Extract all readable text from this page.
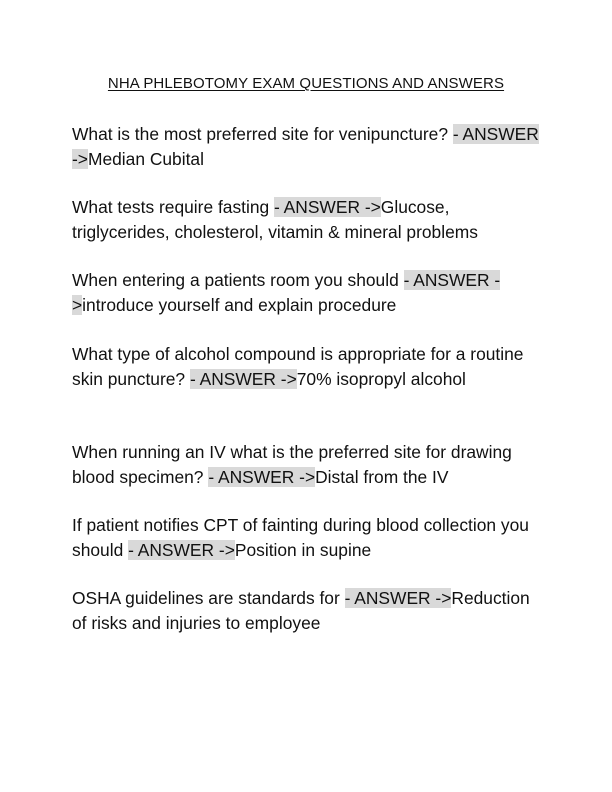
NHA PHLEBOTOMY EXAM QUESTIONS AND ANSWERS
What is the most preferred site for venipuncture? - ANSWER ->Median Cubital
What tests require fasting - ANSWER ->Glucose, triglycerides, cholesterol, vitamin & mineral problems
When entering a patients room you should - ANSWER ->introduce yourself and explain procedure
What type of alcohol compound is appropriate for a routine skin puncture? - ANSWER ->70% isopropyl alcohol
When running an IV what is the preferred site for drawing blood specimen? - ANSWER ->Distal from the IV
If patient notifies CPT of fainting during blood collection you should - ANSWER ->Position in supine
OSHA guidelines are standards for - ANSWER ->Reduction of risks and injuries to employee
